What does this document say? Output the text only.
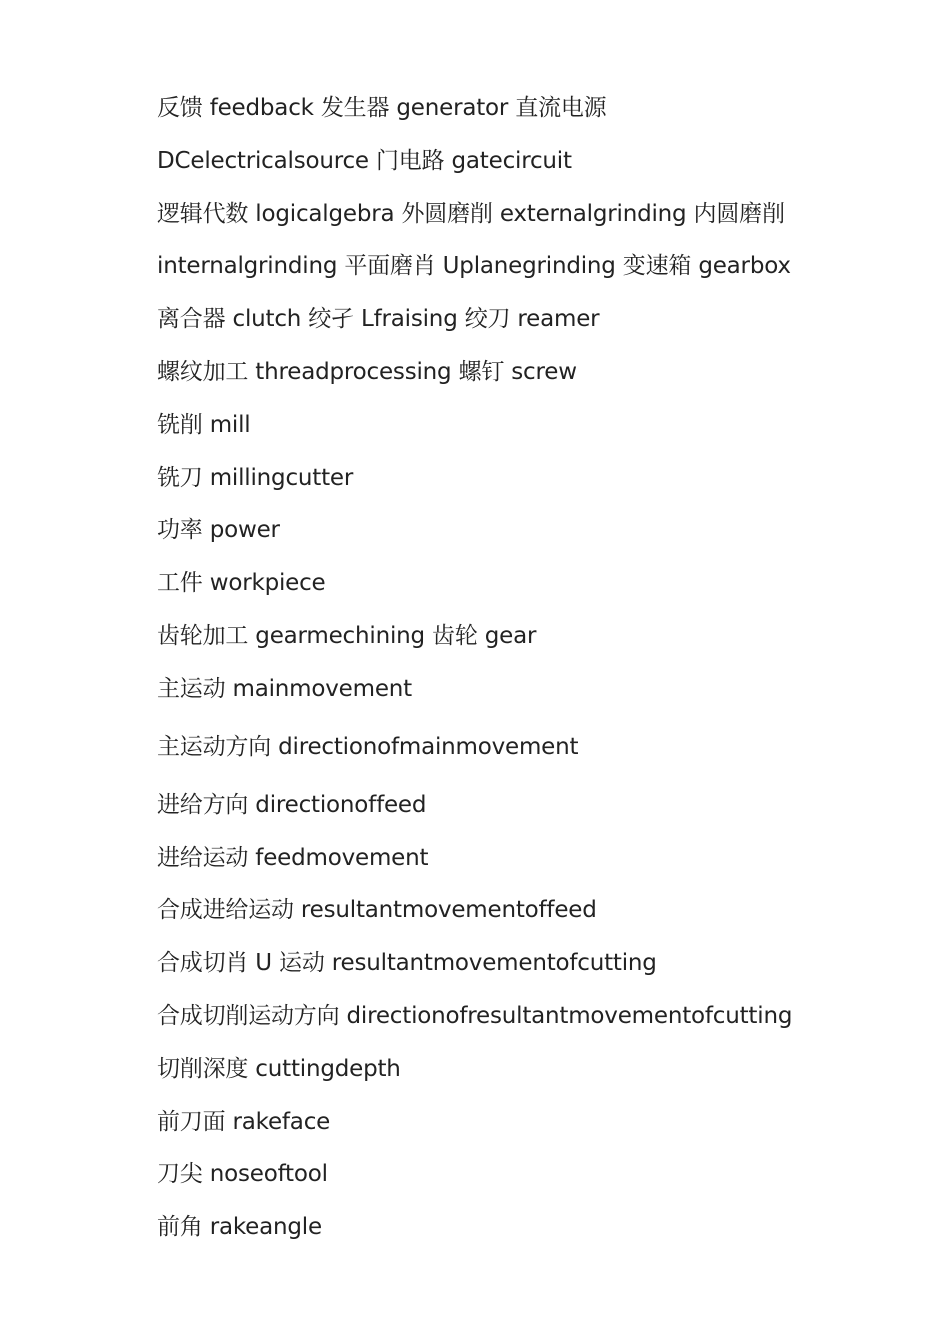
反馈 feedback 发生器 generator 直流电源
DCelectricalsource 门电路 gatecircuit
逻辑代数 logicalgebra 外圆磨削 externalgrinding 内圆磨削
internalgrinding 平面磨肖 Uplanegrinding 变速箱 gearbox
离合器 clutch 绞孑 Lfraising 绞刀 reamer
螺纹加工 threadprocessing 螺钉 screw
铣削 mill
铣刀 millingcutter
功率 power
工件 workpiece
齿轮加工 gearmechining 齿轮 gear
主运动 mainmovement
主运动方向 directionofmainmovement
进给方向 directionoffeed
进给运动 feedmovement
合成进给运动 resultantmovementoffeed
合成切肖 U 运动 resultantmovementofcutting
合成切削运动方向 directionofresultantmovementofcutting
切削深度 cuttingdepth
前刀面 rakeface
刀尖 noseoftool
前角 rakeangle
